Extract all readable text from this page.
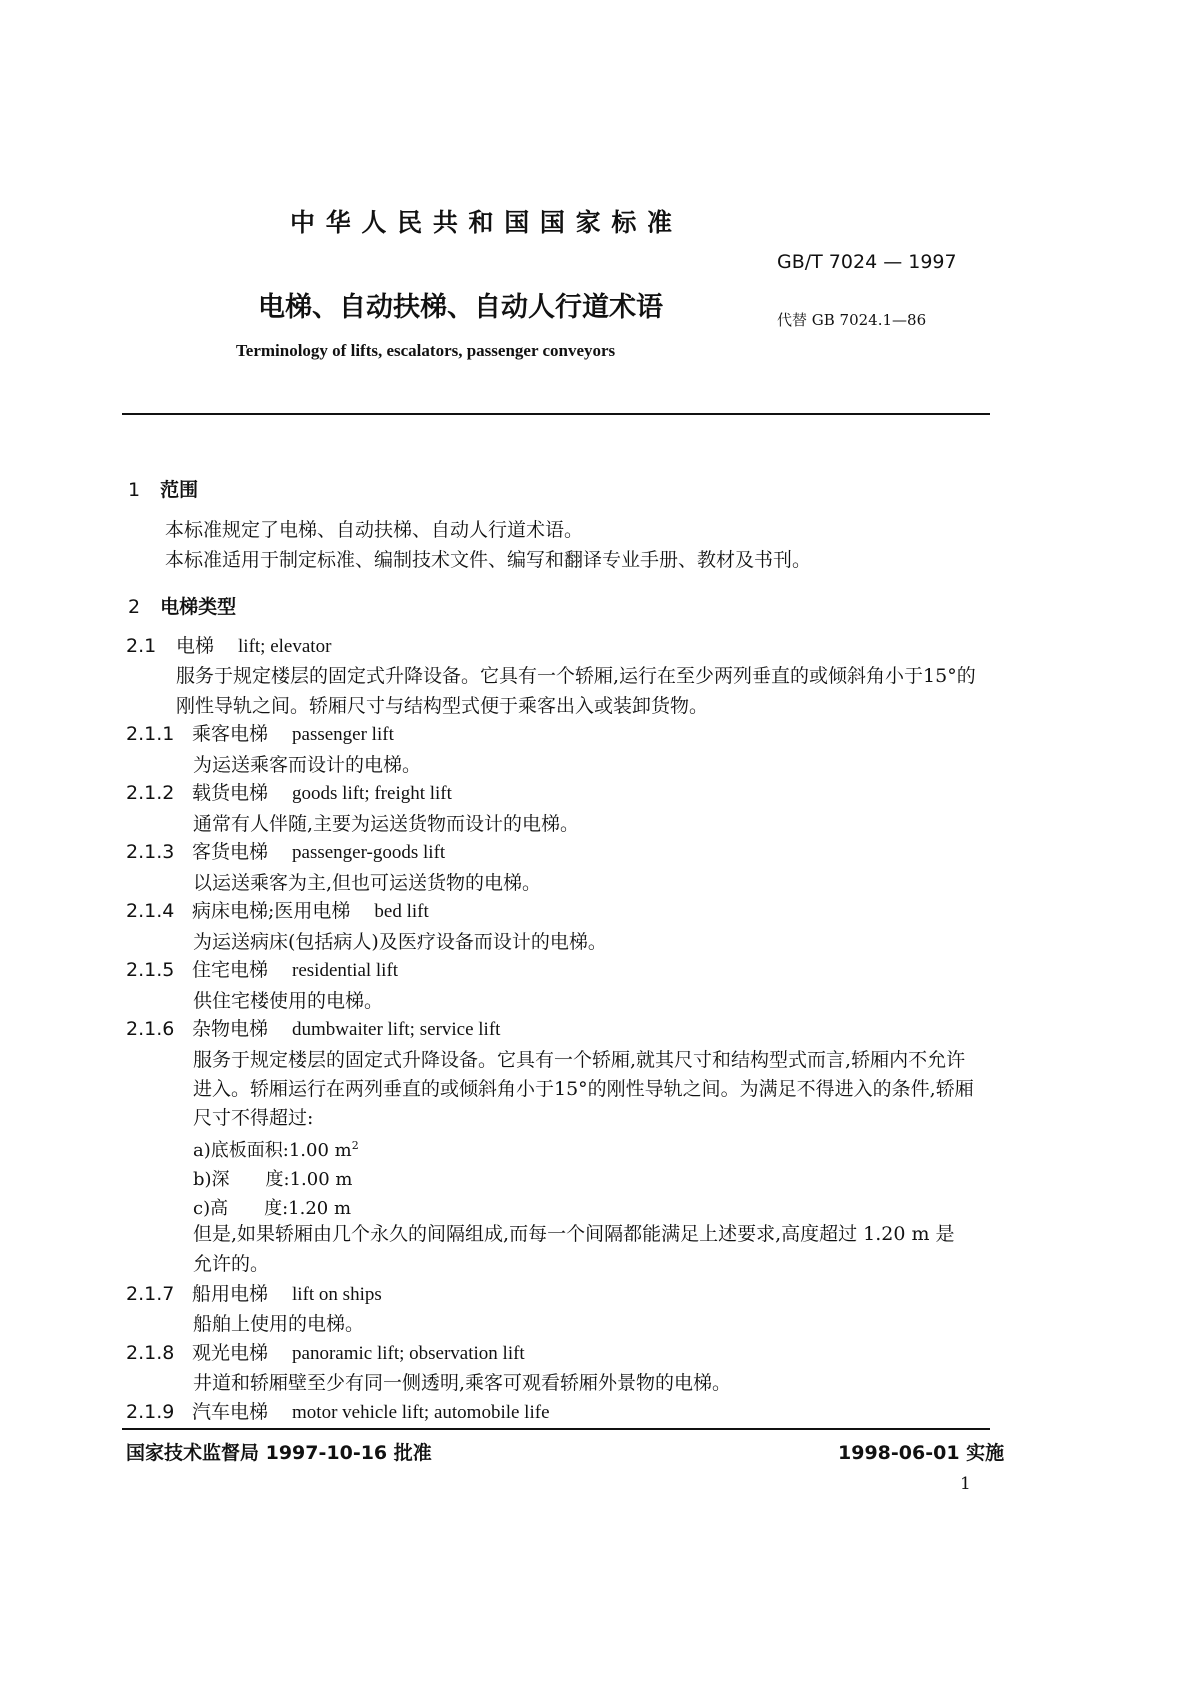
中 华 人 民 共 和 国 国 家 标 准
GB/T 7024 — 1997
电梯、自动扶梯、自动人行道术语	代替 GB 7024.1—86
Terminology of lifts, escalators, passenger conveyors
1 范围
本标准规定了电梯、自动扶梯、自动人行道术语。
本标准适用于制定标准、编制技术文件、编写和翻译专业手册、教材及书刊。
2 电梯类型
2.1 电梯 lift; elevator
服务于规定楼层的固定式升降设备。它具有一个轿厢,运行在至少两列垂直的或倾斜角小于15°的
刚性导轨之间。轿厢尺寸与结构型式便于乘客出入或装卸货物。
2.1.1 乘客电梯 passenger lift
为运送乘客而设计的电梯。
2.1.2 载货电梯 goods lift; freight lift
通常有人伴随,主要为运送货物而设计的电梯。
2.1.3 客货电梯 passenger-goods lift
以运送乘客为主,但也可运送货物的电梯。
2.1.4 病床电梯;医用电梯 bed lift
为运送病床(包括病人)及医疗设备而设计的电梯。
2.1.5 住宅电梯 residential lift
供住宅楼使用的电梯。
2.1.6 杂物电梯 dumbwaiter lift; service lift
服务于规定楼层的固定式升降设备。它具有一个轿厢,就其尺寸和结构型式而言,轿厢内不允许
进入。轿厢运行在两列垂直的或倾斜角小于15°的刚性导轨之间。为满足不得进入的条件,轿厢
尺寸不得超过:
a)底板面积:1.00 $m^2$
b)深　　度:1.00 m
c)高　　度:1.20 m
但是,如果轿厢由几个永久的间隔组成,而每一个间隔都能满足上述要求,高度超过 1.20 m 是
允许的。
2.1.7 船用电梯 lift on ships
船舶上使用的电梯。
2.1.8 观光电梯 panoramic lift; observation lift
井道和轿厢壁至少有同一侧透明,乘客可观看轿厢外景物的电梯。
2.1.9 汽车电梯 motor vehicle lift; automobile life
国家技术监督局 1997-10-16 批准	1998-06-01 实施
1
